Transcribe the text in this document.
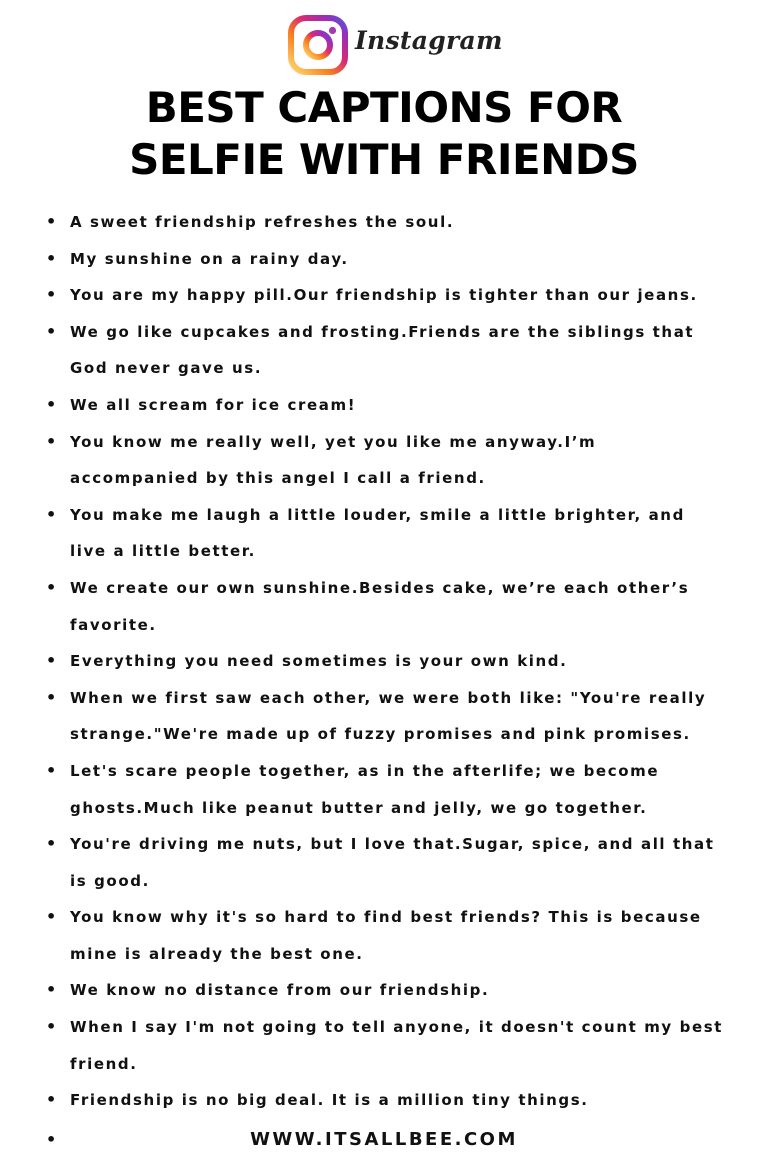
Instagram
BEST CAPTIONS FOR
SELFIE WITH FRIENDS
• A sweet friendship refreshes the soul.
• My sunshine on a rainy day.
• You are my happy pill.Our friendship is tighter than our jeans.
• We go like cupcakes and frosting.Friends are the siblings that God never gave us.
• We all scream for ice cream!
• You know me really well, yet you like me anyway.I’m accompanied by this angel I call a friend.
• You make me laugh a little louder, smile a little brighter, and live a little better.
• We create our own sunshine.Besides cake, we’re each other’s favorite.
• Everything you need sometimes is your own kind.
• When we first saw each other, we were both like: "You're really strange."We're made up of fuzzy promises and pink promises.
• Let's scare people together, as in the afterlife; we become ghosts.Much like peanut butter and jelly, we go together.
• You're driving me nuts, but I love that.Sugar, spice, and all that is good.
• You know why it's so hard to find best friends? This is because mine is already the best one.
• We know no distance from our friendship.
• When I say I'm not going to tell anyone, it doesn't count my best friend.
• Friendship is no big deal. It is a million tiny things.
•	WWW.ITSALLBEE.COM
